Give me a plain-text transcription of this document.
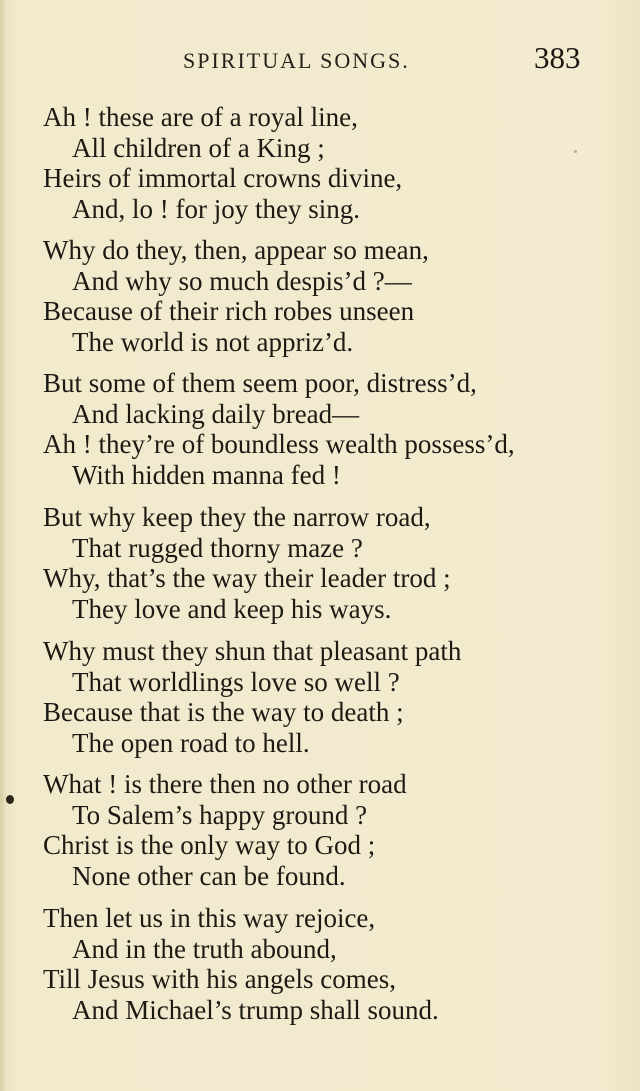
SPIRITUAL SONGS.	383
Ah ! these are of a royal line,
All children of a King ;
Heirs of immortal crowns divine,
And, lo ! for joy they sing.
Why do they, then, appear so mean,
And why so much despis’d ?—
Because of their rich robes unseen
The world is not appriz’d.
But some of them seem poor, distress’d,
And lacking daily bread—
Ah ! they’re of boundless wealth possess’d,
With hidden manna fed !
But why keep they the narrow road,
That rugged thorny maze ?
Why, that’s the way their leader trod ;
They love and keep his ways.
Why must they shun that pleasant path
That worldlings love so well ?
Because that is the way to death ;
The open road to hell.
What ! is there then no other road
To Salem’s happy ground ?
Christ is the only way to God ;
None other can be found.
Then let us in this way rejoice,
And in the truth abound,
Till Jesus with his angels comes,
And Michael’s trump shall sound.
